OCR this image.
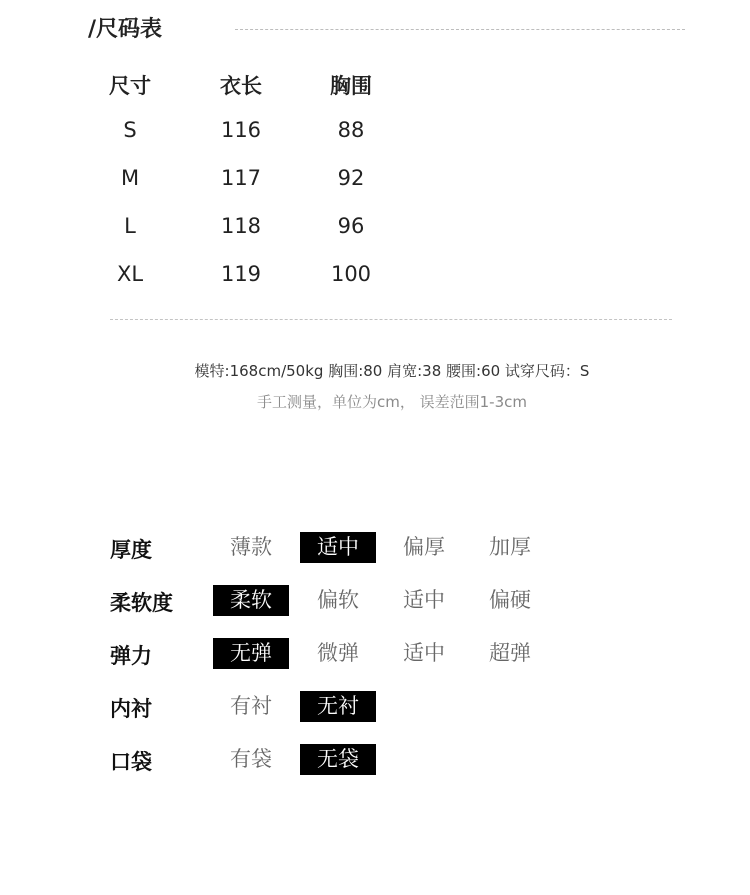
/尺码表
尺寸	衣长	胸围
S	116	88
M	117	92
L	118	96
XL	119	100
模特:168cm/50kg 胸围:80 肩宽:38 腰围:60 试穿尺码：S
手工测量，单位为cm， 误差范围1-3cm
厚度	薄款	适中	偏厚	加厚
柔软度	柔软	偏软	适中	偏硬
弹力	无弹	微弹	适中	超弹
内衬	有衬	无衬
口袋	有袋	无袋
